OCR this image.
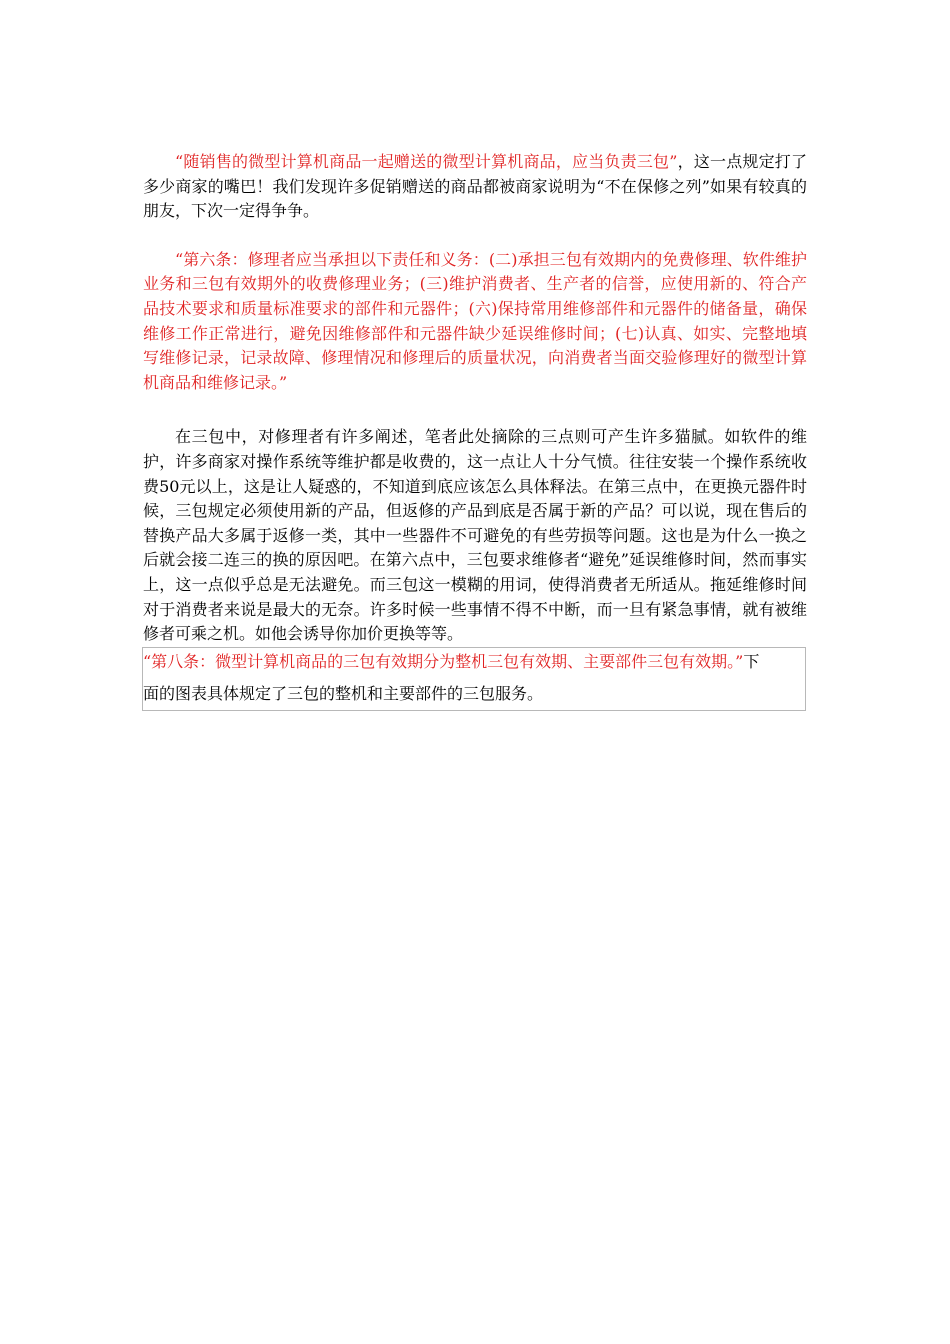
“随销售的微型计算机商品一起赠送的微型计算机商品，应当负责三包”，这一点规定打了多少商家的嘴巴！我们发现许多促销赠送的商品都被商家说明为“不在保修之列”如果有较真的朋友，下次一定得争争。

“第六条：修理者应当承担以下责任和义务：(二)承担三包有效期内的免费修理、软件维护业务和三包有效期外的收费修理业务；(三)维护消费者、生产者的信誉，应使用新的、符合产品技术要求和质量标准要求的部件和元器件；(六)保持常用维修部件和元器件的储备量，确保维修工作正常进行，避免因维修部件和元器件缺少延误维修时间；(七)认真、如实、完整地填写维修记录，记录故障、修理情况和修理后的质量状况，向消费者当面交验修理好的微型计算机商品和维修记录。”

在三包中，对修理者有许多阐述，笔者此处摘除的三点则可产生许多猫腻。如软件的维护，许多商家对操作系统等维护都是收费的，这一点让人十分气愤。往往安装一个操作系统收费50元以上，这是让人疑惑的，不知道到底应该怎么具体释法。在第三点中，在更换元器件时候，三包规定必须使用新的产品，但返修的产品到底是否属于新的产品？可以说，现在售后的替换产品大多属于返修一类，其中一些器件不可避免的有些劳损等问题。这也是为什么一换之后就会接二连三的换的原因吧。在第六点中，三包要求维修者“避免”延误维修时间，然而事实上，这一点似乎总是无法避免。而三包这一模糊的用词，使得消费者无所适从。拖延维修时间对于消费者来说是最大的无奈。许多时候一些事情不得不中断，而一旦有紧急事情，就有被维修者可乘之机。如他会诱导你加价更换等等。

“第八条：微型计算机商品的三包有效期分为整机三包有效期、主要部件三包有效期。”下
面的图表具体规定了三包的整机和主要部件的三包服务。
